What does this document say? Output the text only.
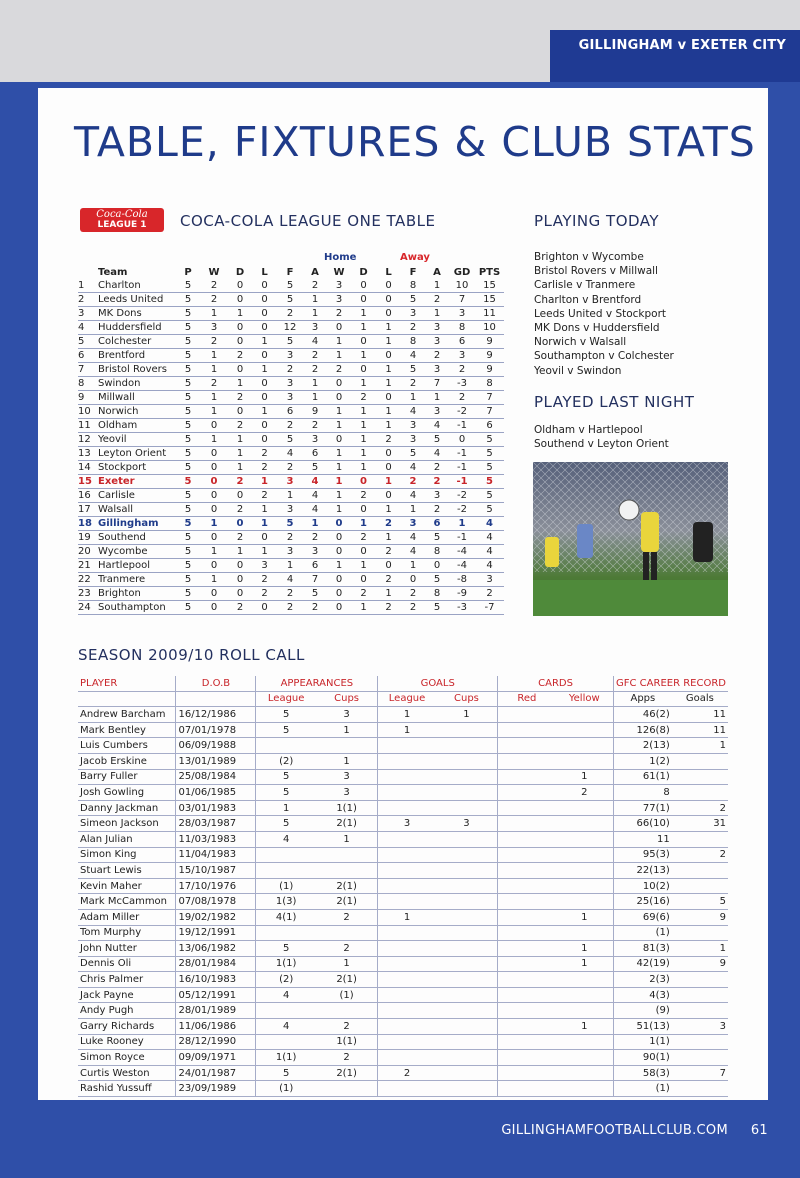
GILLINGHAM v EXETER CITY
TABLE, FIXTURES & CLUB STATS
Coca-Cola
LEAGUE 1	COCA-COLA LEAGUE ONE TABLE
Home	Away
Team		P	W	D	L	F	A	W	D	L	F	A	GD	PTS
1	Charlton	5	2	0	0	5	2	3	0	0	8	1	10	15
2	Leeds United	5	2	0	0	5	1	3	0	0	5	2	7	15
3	MK Dons	5	1	1	0	2	1	2	1	0	3	1	3	11
4	Huddersfield	5	3	0	0	12	3	0	1	1	2	3	8	10
5	Colchester	5	2	0	1	5	4	1	0	1	8	3	6	9
6	Brentford	5	1	2	0	3	2	1	1	0	4	2	3	9
7	Bristol Rovers	5	1	0	1	2	2	2	0	1	5	3	2	9
8	Swindon	5	2	1	0	3	1	0	1	1	2	7	-3	8
9	Millwall	5	1	2	0	3	1	0	2	0	1	1	2	7
10	Norwich	5	1	0	1	6	9	1	1	1	4	3	-2	7
11	Oldham	5	0	2	0	2	2	1	1	1	3	4	-1	6
12	Yeovil	5	1	1	0	5	3	0	1	2	3	5	0	5
13	Leyton Orient	5	0	1	2	4	6	1	1	0	5	4	-1	5
14	Stockport	5	0	1	2	2	5	1	1	0	4	2	-1	5
15	Exeter	5	0	2	1	3	4	1	0	1	2	2	-1	5
16	Carlisle	5	0	0	2	1	4	1	2	0	4	3	-2	5
17	Walsall	5	0	2	1	3	4	1	0	1	1	2	-2	5
18	Gillingham	5	1	0	1	5	1	0	1	2	3	6	1	4
19	Southend	5	0	2	0	2	2	0	2	1	4	5	-1	4
20	Wycombe	5	1	1	1	3	3	0	0	2	4	8	-4	4
21	Hartlepool	5	0	0	3	1	6	1	1	0	1	0	-4	4
22	Tranmere	5	1	0	2	4	7	0	0	2	0	5	-8	3
23	Brighton	5	0	0	2	2	5	0	2	1	2	8	-9	2
24	Southampton	5	0	2	0	2	2	0	1	2	2	5	-3	-7
PLAYING TODAY
Brighton v Wycombe
Bristol Rovers v Millwall
Carlisle v Tranmere
Charlton v Brentford
Leeds United v Stockport
MK Dons v Huddersfield
Norwich v Walsall
Southampton v Colchester
Yeovil v Swindon
PLAYED LAST NIGHT
Oldham v Hartlepool
Southend v Leyton Orient
SEASON 2009/10 ROLL CALL
PLAYER	D.O.B	APPEARANCES		GOALS		CARDS		GFC CAREER RECORD	
		League	Cups	League	Cups	Red	Yellow	Apps	Goals
Andrew Barcham	16/12/1986	5	3	1	1			46(2)	11
Mark Bentley	07/01/1978	5	1	1				126(8)	11
Luis Cumbers	06/09/1988							2(13)	1
Jacob Erskine	13/01/1989	(2)	1					1(2)	
Barry Fuller	25/08/1984	5	3				1	61(1)	
Josh Gowling	01/06/1985	5	3				2	8	
Danny Jackman	03/01/1983	1	1(1)					77(1)	2
Simeon Jackson	28/03/1987	5	2(1)	3	3			66(10)	31
Alan Julian	11/03/1983	4	1					11	
Simon King	11/04/1983							95(3)	2
Stuart Lewis	15/10/1987							22(13)	
Kevin Maher	17/10/1976	(1)	2(1)					10(2)	
Mark McCammon	07/08/1978	1(3)	2(1)					25(16)	5
Adam Miller	19/02/1982	4(1)	2	1			1	69(6)	9
Tom Murphy	19/12/1991							(1)	
John Nutter	13/06/1982	5	2				1	81(3)	1
Dennis Oli	28/01/1984	1(1)	1				1	42(19)	9
Chris Palmer	16/10/1983	(2)	2(1)					2(3)	
Jack Payne	05/12/1991	4	(1)					4(3)	
Andy Pugh	28/01/1989							(9)	
Garry Richards	11/06/1986	4	2				1	51(13)	3
Luke Rooney	28/12/1990		1(1)					1(1)	
Simon Royce	09/09/1971	1(1)	2					90(1)	
Curtis Weston	24/01/1987	5	2(1)	2				58(3)	7
Rashid Yussuff	23/09/1989	(1)						(1)	
GILLINGHAMFOOTBALLCLUB.COM 61
